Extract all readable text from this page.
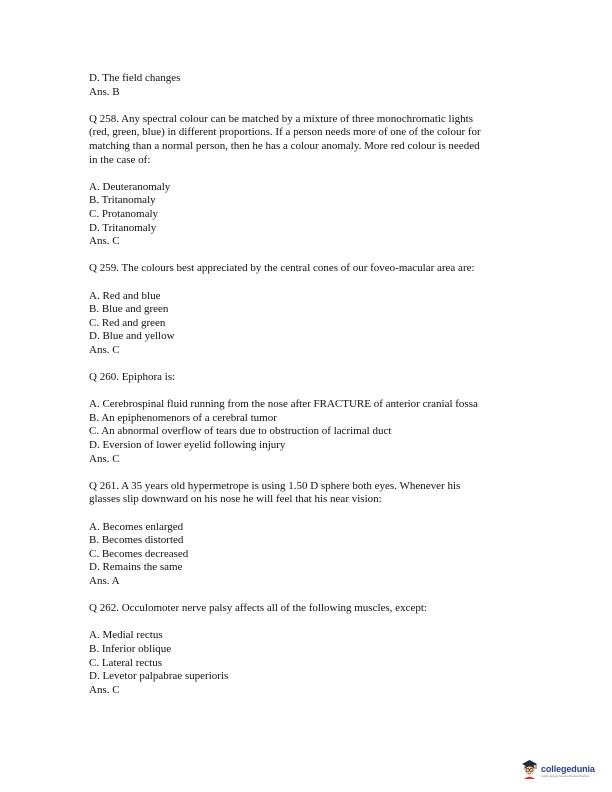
D. The field changes
Ans. B
Q 258. Any spectral colour can be matched by a mixture of three monochromatic lights
(red, green, blue) in different proportions. If a person needs more of one of the colour for
matching than a normal person, then he has a colour anomaly. More red colour is needed
in the case of:
A. Deuteranomaly
B. Tritanomaly
C. Protanomaly
D. Tritanomaly
Ans. C
Q 259. The colours best appreciated by the central cones of our foveo-macular area are:
A. Red and blue
B. Blue and green
C. Red and green
D. Blue and yellow
Ans. C
Q 260. Epiphora is:
A. Cerebrospinal fluid running from the nose after FRACTURE of anterior cranial fossa
B. An epiphenomenors of a cerebral tumor
C. An abnormal overflow of tears due to obstruction of lacrimal duct
D. Eversion of lower eyelid following injury
Ans. C
Q 261. A 35 years old hypermetrope is using 1.50 D sphere both eyes. Whenever his
glasses slip downward on his nose he will feel that his near vision:
A. Becomes enlarged
B. Becomes distorted
C. Becomes decreased
D. Remains the same
Ans. A
Q 262. Occulomoter nerve palsy affects all of the following muscles, except:
A. Medial rectus
B. Inferior oblique
C. Lateral rectus
D. Levetor palpabrae superioris
Ans. C
collegedunia
India's largest Student Review Platform
